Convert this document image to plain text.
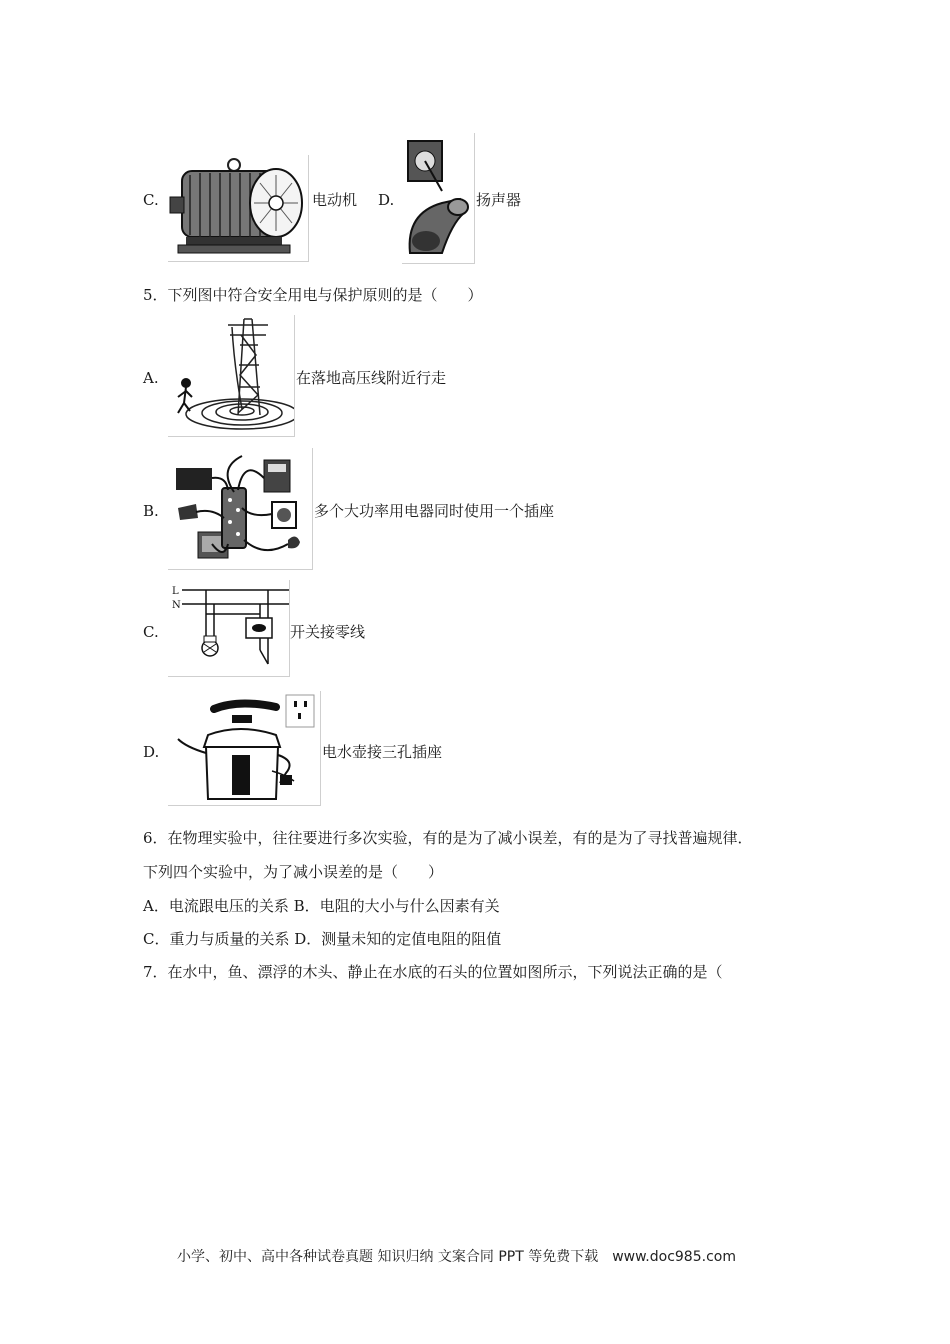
C.	电动机 D.	扬声器
5．下列图中符合安全用电与保护原则的是（　　）
A.	在落地高压线附近行走
B.	多个大功率用电器同时使用一个插座
C.
L
N
开关接零线
D.	电水壶接三孔插座
6．在物理实验中，往往要进行多次实验，有的是为了减小误差，有的是为了寻找普遍规律．
下列四个实验中，为了减小误差的是（　　）
A．电流跟电压的关系 B．电阻的大小与什么因素有关
C．重力与质量的关系 D．测量未知的定值电阻的阻值
7．在水中，鱼、漂浮的木头、静止在水底的石头的位置如图所示，下列说法正确的是（
小学、初中、高中各种试卷真题 知识归纳 文案合同 PPT 等免费下载　www.doc985.com
